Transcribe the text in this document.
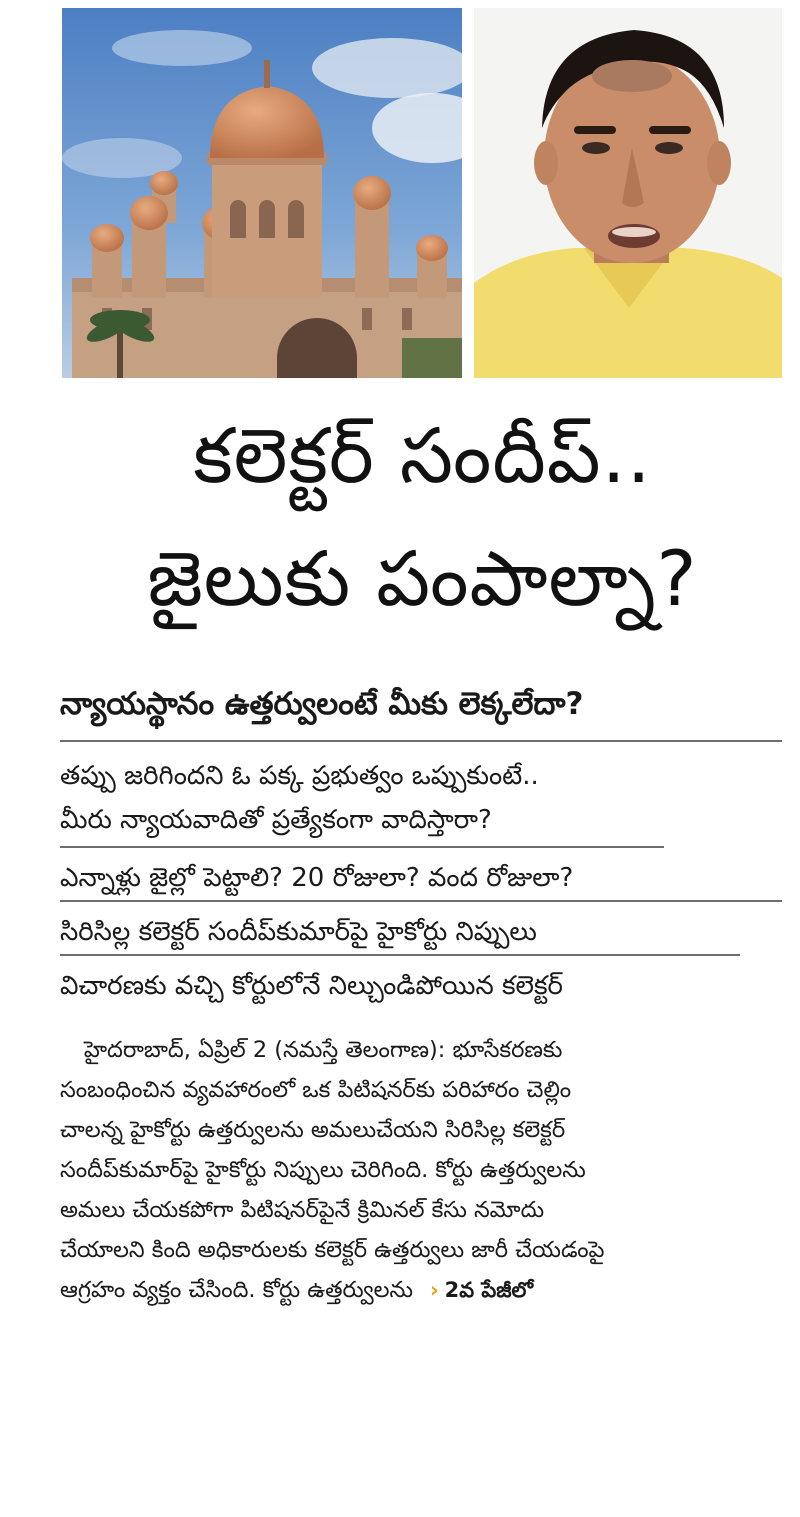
కలెక్టర్ సందీప్..
జైలుకు పంపాల్నా?
న్యాయస్థానం ఉత్తర్వులంటే మీకు లెక్కలేదా?
తప్పు జరిగిందని ఓ పక్క ప్రభుత్వం ఒప్పుకుంటే..
మీరు న్యాయవాదితో ప్రత్యేకంగా వాదిస్తారా?
ఎన్నాళ్లు జైల్లో పెట్టాలి? 20 రోజులా? వంద రోజులా?
సిరిసిల్ల కలెక్టర్ సందీప్‌కుమార్‌పై హైకోర్టు నిప్పులు
విచారణకు వచ్చి కోర్టులోనే నిల్చుండిపోయిన కలెక్టర్

హైదరాబాద్, ఏప్రిల్ 2 (నమస్తే తెలంగాణ): భూసేకరణకు

సంబంధించిన వ్యవహారంలో ఒక పిటిషనర్‌కు పరిహారం చెల్లిం

చాలన్న హైకోర్టు ఉత్తర్వులను అమలుచేయని సిరిసిల్ల కలెక్టర్

సందీప్‌కుమార్‌పై హైకోర్టు నిప్పులు చెరిగింది. కోర్టు ఉత్తర్వులను

అమలు చేయకపోగా పిటిషనర్‌పైనే క్రిమినల్ కేసు నమోదు

చేయాలని కింది అధికారులకు కలెక్టర్ ఉత్తర్వులు జారీ చేయడంపై

ఆగ్రహం వ్యక్తం చేసింది. కోర్టు ఉత్తర్వులను › 2వ పేజీలో
